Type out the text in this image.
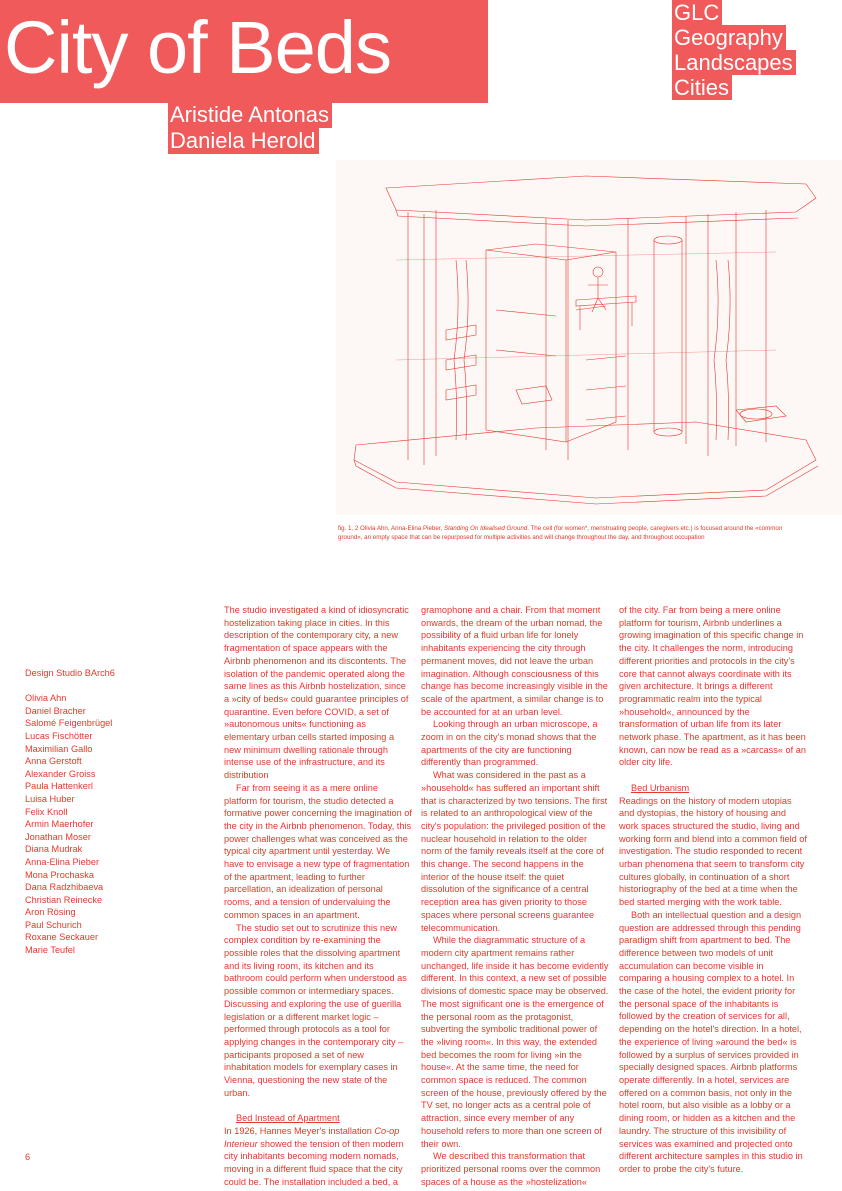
City of Beds
Aristide Antonas
Daniela Herold
GLC
Geography
Landscapes
Cities
fig. 1, 2 Olivia Ahn, Anna-Elina Pieber, Standing On Idealised Ground. The cell (for women*, menstruating people, caregivers etc.) is focused around the «common ground», an empty space that can be repurposed for multiple activities and will change throughout the day, and throughout occupation
Design Studio BArch6
Olivia Ahn
Daniel Bracher
Salomé Feigenbrügel
Lucas Fischötter
Maximilian Gallo
Anna Gerstoft
Alexander Groiss
Paula Hattenkerl
Luisa Huber
Felix Knoll
Armin Maerhofer
Jonathan Moser
Diana Mudrak
Anna-Elina Pieber
Mona Prochaska
Dana Radzhibaeva
Christian Reinecke
Aron Rösing
Paul Schurich
Roxane Seckauer
Marie Teufel

The studio investigated a kind of idiosyncratic hostelization taking place in cities. In this description of the contemporary city, a new fragmentation of space appears with the Airbnb phenomenon and its discontents. The isolation of the pandemic operated along the same lines as this Airbnb hostelization, since a »city of beds« could guarantee principles of quarantine. Even before COVID, a set of »autonomous units« functioning as elementary urban cells started imposing a new minimum dwelling rationale through intense use of the infrastructure, and its distribution

Far from seeing it as a mere online platform for tourism, the studio detected a formative power concerning the imagination of the city in the Airbnb phenomenon. Today, this power challenges what was conceived as the typical city apartment until yesterday. We have to envisage a new type of fragmentation of the apartment, leading to further parcellation, an idealization of personal rooms, and a tension of undervaluing the common spaces in an apartment.

The studio set out to scrutinize this new complex condition by re-examining the possible roles that the dissolving apartment and its living room, its kitchen and its bathroom could perform when understood as possible common or intermediary spaces. Discussing and exploring the use of guerilla legislation or a different market logic – performed through protocols as a tool for applying changes in the contemporary city – participants proposed a set of new inhabitation models for exemplary cases in Vienna, questioning the new state of the urban.

Bed Instead of Apartment

In 1926, Hannes Meyer's installation Co-op Interieur showed the tension of then modern city inhabitants becoming modern nomads, moving in a different fluid space that the city could be. The installation included a bed, a

gramophone and a chair. From that moment onwards, the dream of the urban nomad, the possibility of a fluid urban life for lonely inhabitants experiencing the city through permanent moves, did not leave the urban imagination. Although consciousness of this change has become increasingly visible in the scale of the apartment, a similar change is to be accounted for at an urban level.

Looking through an urban microscope, a zoom in on the city's monad shows that the apartments of the city are functioning differently than programmed.

What was considered in the past as a »household« has suffered an important shift that is characterized by two tensions. The first is related to an anthropological view of the city's population: the privileged position of the nuclear household in relation to the older norm of the family reveals itself at the core of this change. The second happens in the interior of the house itself: the quiet dissolution of the significance of a central reception area has given priority to those spaces where personal screens guarantee telecommunication.

While the diagrammatic structure of a modern city apartment remains rather unchanged, life inside it has become evidently different. In this context, a new set of possible divisions of domestic space may be observed. The most significant one is the emergence of the personal room as the protagonist, subverting the symbolic traditional power of the »living room«. In this way, the extended bed becomes the room for living »in the house«. At the same time, the need for common space is reduced. The common screen of the house, previously offered by the TV set, no longer acts as a central pole of attraction, since every member of any household refers to more than one screen of their own.

We described this transformation that prioritized personal rooms over the common spaces of a house as the »hostelization«

of the city. Far from being a mere online platform for tourism, Airbnb underlines a growing imagination of this specific change in the city. It challenges the norm, introducing different priorities and protocols in the city's core that cannot always coordinate with its given architecture. It brings a different programmatic realm into the typical »household«, announced by the transformation of urban life from its later network phase. The apartment, as it has been known, can now be read as a »carcass« of an older city life.

Bed Urbanism

Readings on the history of modern utopias and dystopias, the history of housing and work spaces structured the studio, living and working form and blend into a common field of investigation. The studio responded to recent urban phenomena that seem to transform city cultures globally, in continuation of a short historiography of the bed at a time when the bed started merging with the work table.

Both an intellectual question and a design question are addressed through this pending paradigm shift from apartment to bed. The difference between two models of unit accumulation can become visible in comparing a housing complex to a hotel. In the case of the hotel, the evident priority for the personal space of the inhabitants is followed by the creation of services for all, depending on the hotel's direction. In a hotel, the experience of living »around the bed« is followed by a surplus of services provided in specially designed spaces. Airbnb platforms operate differently. In a hotel, services are offered on a common basis, not only in the hotel room, but also visible as a lobby or a dining room, or hidden as a kitchen and the laundry. The structure of this invisibility of services was examined and projected onto different architecture samples in this studio in order to probe the city's future.

6
